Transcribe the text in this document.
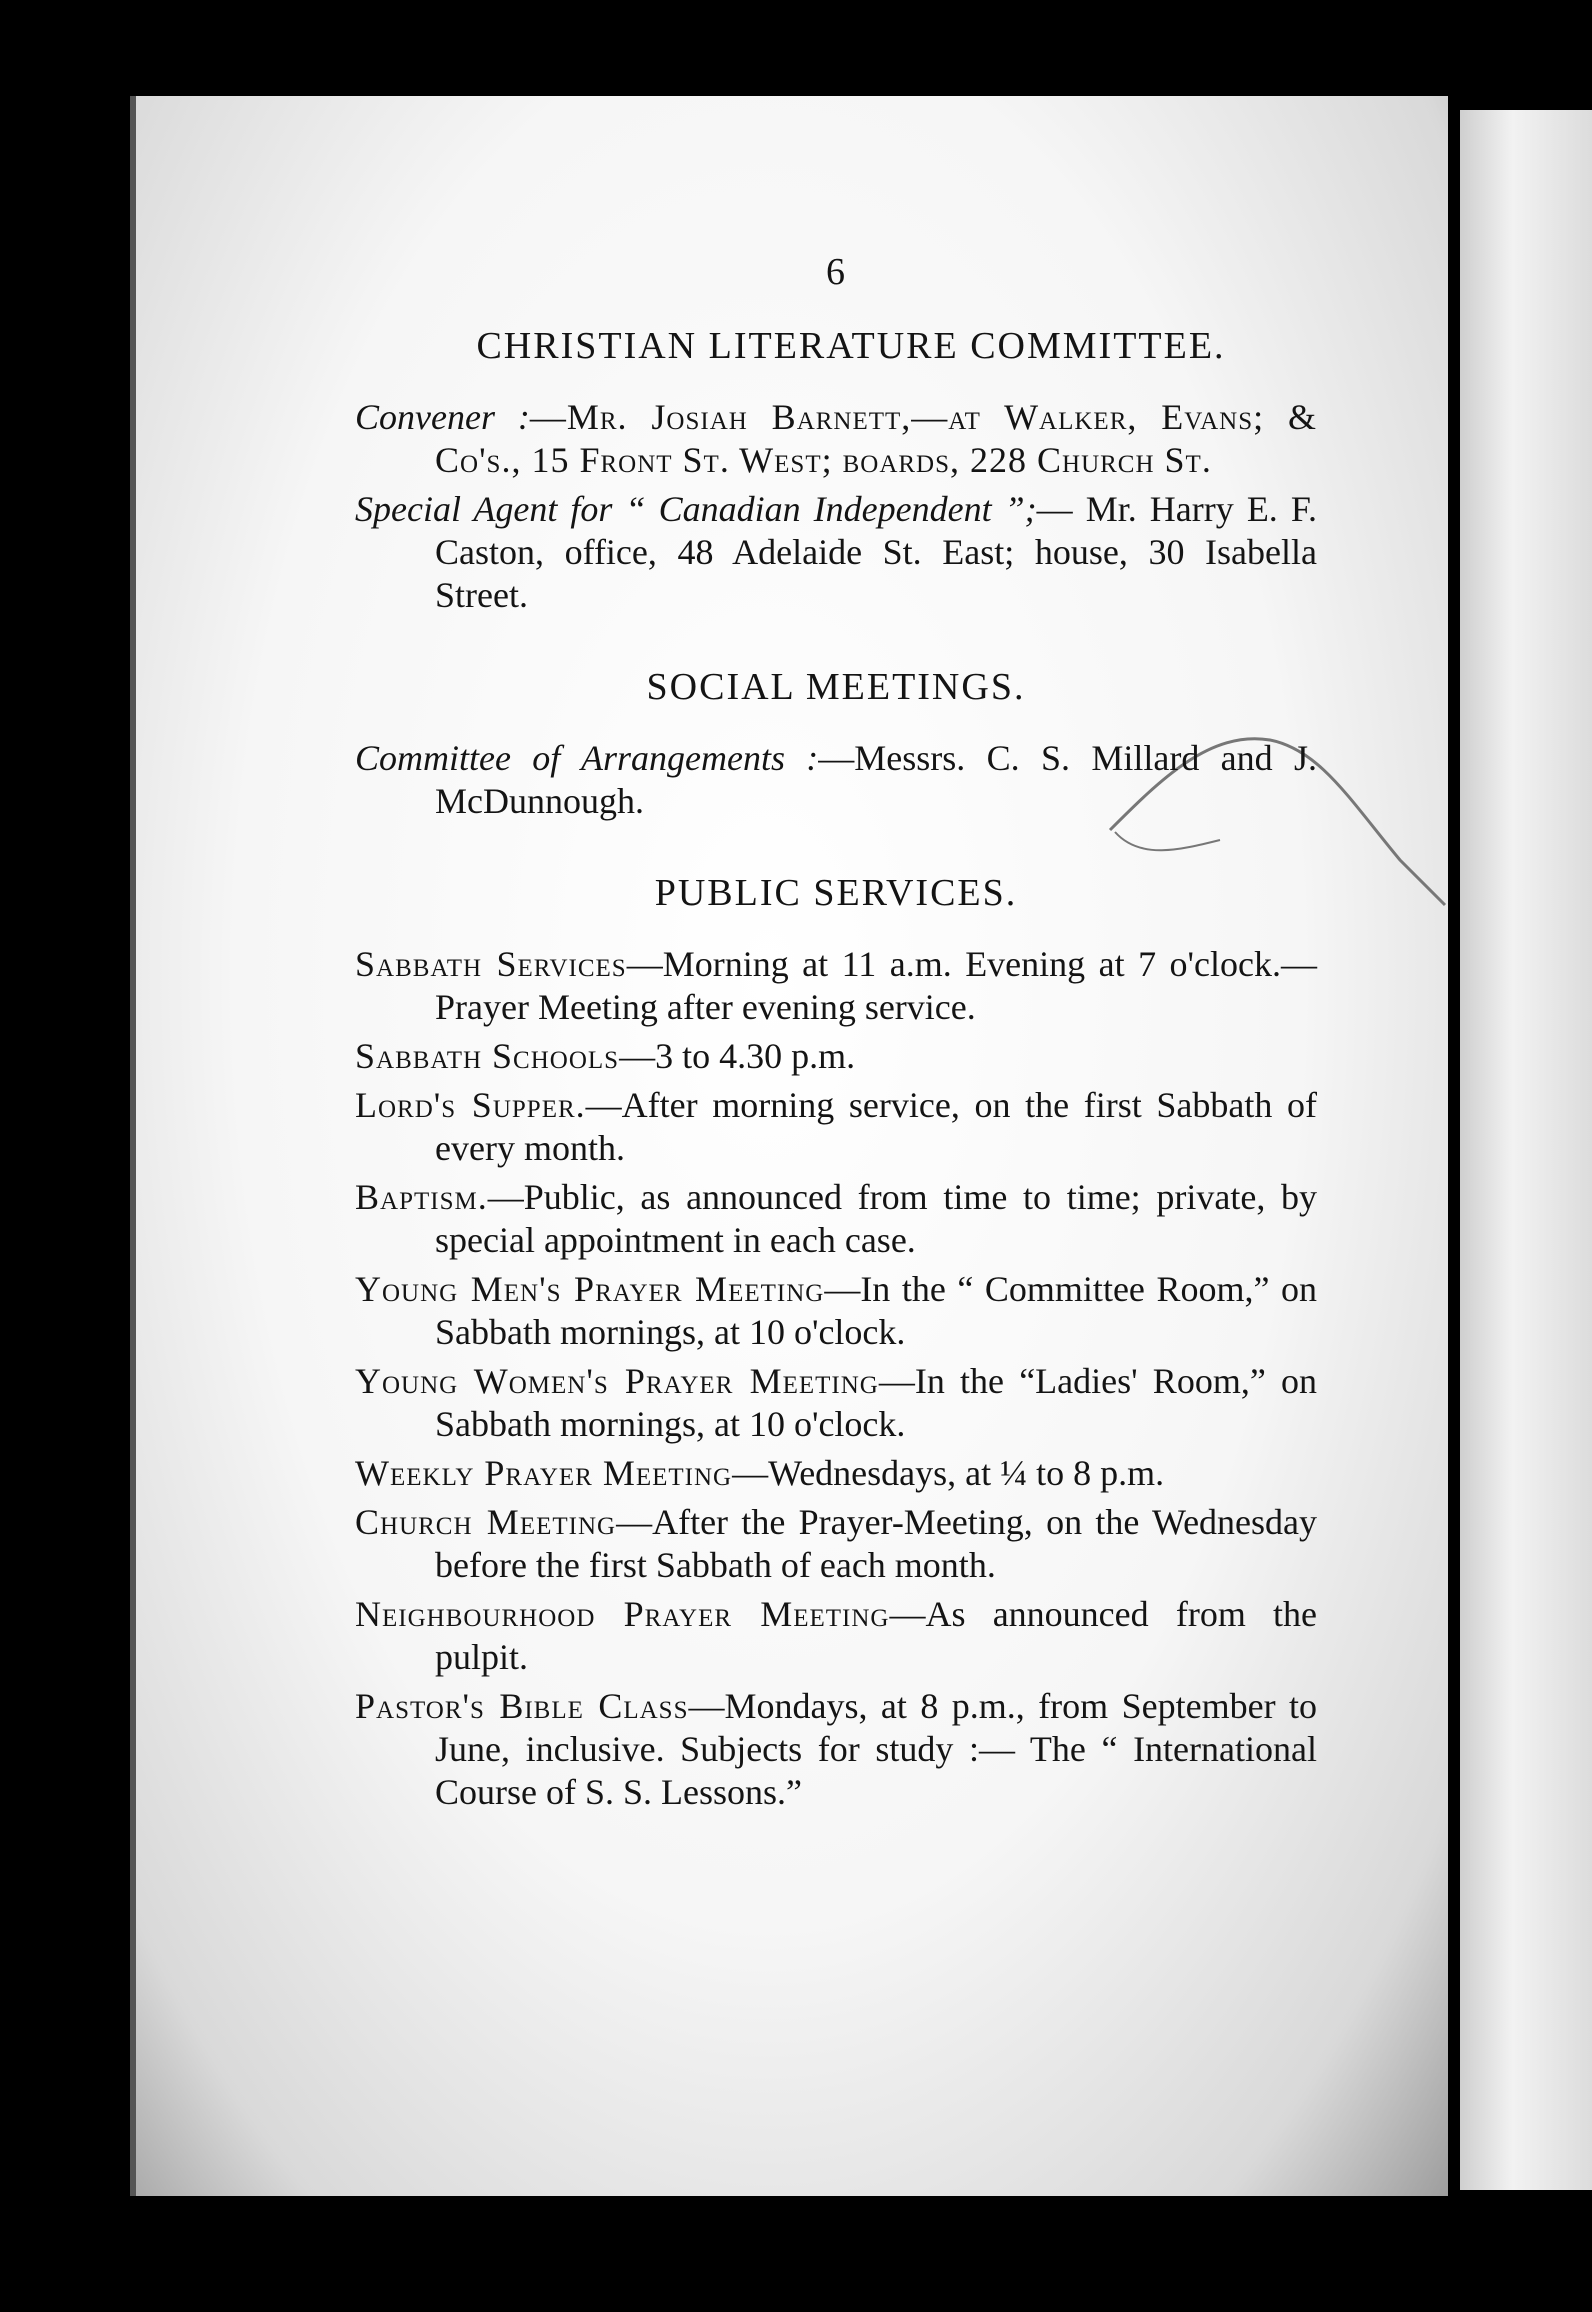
6
CHRISTIAN LITERATURE COMMITTEE.

Convener :—Mr. Josiah Barnett,—at Walker, Evans; & Co's., 15 Front St. West; boards, 228 Church St.

Special Agent for “ Canadian Independent ”;— Mr. Harry E. F. Caston, office, 48 Adelaide St. East; house, 30 Isabella Street.

SOCIAL MEETINGS.

Committee of Arrangements :—Messrs. C. S. Millard and J. McDunnough.

PUBLIC SERVICES.

Sabbath Services—Morning at 11 a.m. Evening at 7 o'clock.—Prayer Meeting after evening service.

Sabbath Schools—3 to 4.30 p.m.

Lord's Supper.—After morning service, on the first Sabbath of every month.

Baptism.—Public, as announced from time to time; private, by special appointment in each case.

Young Men's Prayer Meeting—In the “ Committee Room,” on Sabbath mornings, at 10 o'clock.

Young Women's Prayer Meeting—In the “Ladies' Room,” on Sabbath mornings, at 10 o'clock.

Weekly Prayer Meeting—Wednesdays, at ¼ to 8 p.m.

Church Meeting—After the Prayer-Meeting, on the Wednesday before the first Sabbath of each month.

Neighbourhood Prayer Meeting—As announced from the pulpit.

Pastor's Bible Class—Mondays, at 8 p.m., from September to June, inclusive. Subjects for study :— The “ International Course of S. S. Lessons.”
